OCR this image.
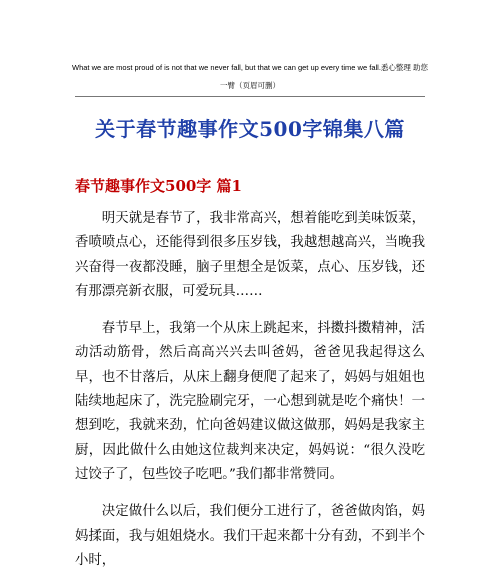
What we are most proud of is not that we never fall, but that we can get up every time we fall.悉心整理 助您
一臂（页眉可删）
关于春节趣事作文500字锦集八篇
春节趣事作文500字 篇1

明天就是春节了，我非常高兴，想着能吃到美味饭菜，香喷喷点心，还能得到很多压岁钱，我越想越高兴，当晚我兴奋得一夜都没睡，脑子里想全是饭菜，点心、压岁钱，还有那漂亮新衣服，可爱玩具……

春节早上，我第一个从床上跳起来，抖擞抖擞精神，活动活动筋骨，然后高高兴兴去叫爸妈，爸爸见我起得这么早，也不甘落后，从床上翻身便爬了起来了，妈妈与姐姐也陆续地起床了，洗完脸刷完牙，一心想到就是吃个痛快！一想到吃，我就来劲，忙向爸妈建议做这做那，妈妈是我家主厨，因此做什么由她这位裁判来决定，妈妈说：“很久没吃过饺子了，包些饺子吃吧。”我们都非常赞同。

决定做什么以后，我们便分工进行了，爸爸做肉馅，妈妈揉面，我与姐姐烧水。我们干起来都十分有劲，不到半个小时，
